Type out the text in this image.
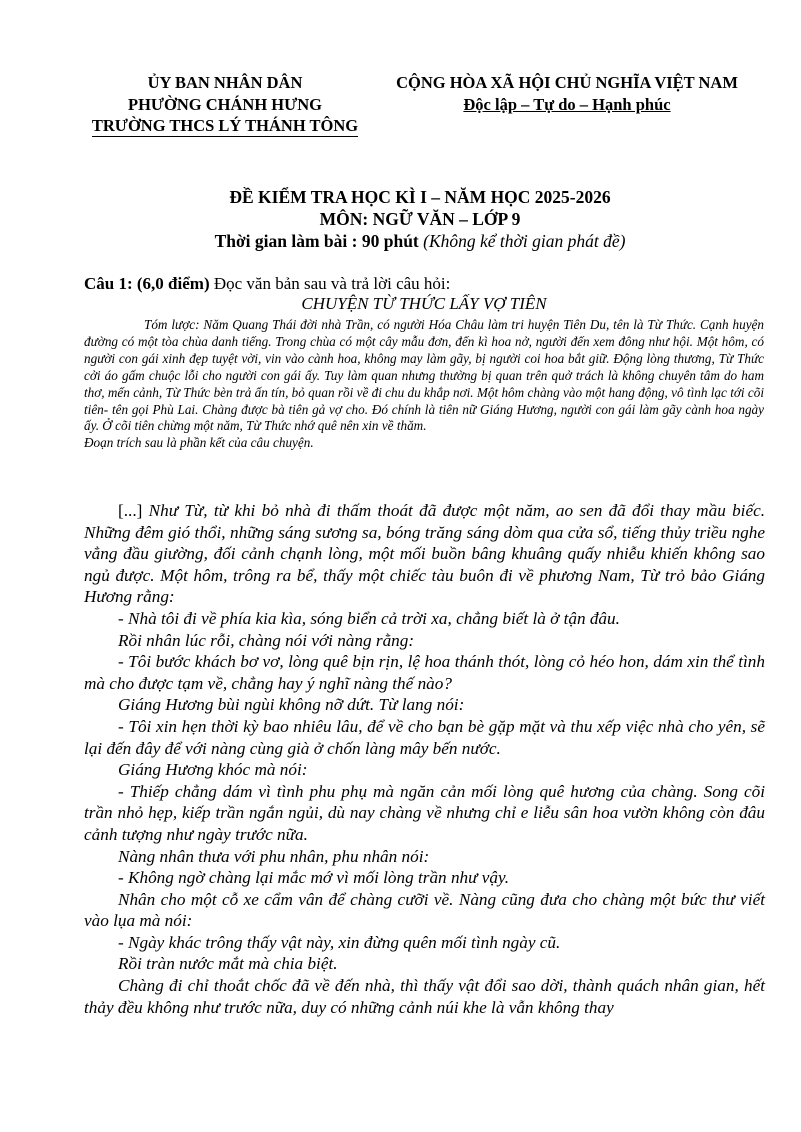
ỦY BAN NHÂN DÂN
PHƯỜNG CHÁNH HƯNG
TRƯỜNG THCS LÝ THÁNH TÔNG
CỘNG HÒA XÃ HỘI CHỦ NGHĨA VIỆT NAM
Độc lập – Tự do – Hạnh phúc
ĐỀ KIỂM TRA HỌC KÌ I – NĂM HỌC 2025-2026
MÔN: NGỮ VĂN – LỚP 9
Thời gian làm bài : 90 phút (Không kể thời gian phát đề)
Câu 1: (6,0 điểm) Đọc văn bản sau và trả lời câu hỏi:
CHUYỆN TỪ THỨC LẤY VỢ TIÊN

Tóm lược: Năm Quang Thái đời nhà Trần, có người Hóa Châu làm tri huyện Tiên Du, tên là Từ Thức. Cạnh huyện đường có một tòa chùa danh tiếng. Trong chùa có một cây mẫu đơn, đến kì hoa nở, người đến xem đông như hội. Một hôm, có người con gái xinh đẹp tuyệt vời, vin vào cành hoa, không may làm gãy, bị người coi hoa bắt giữ. Động lòng thương, Từ Thức cởi áo gấm chuộc lỗi cho người con gái ấy. Tuy làm quan nhưng thường bị quan trên quở trách là không chuyên tâm do ham thơ, mến cảnh, Từ Thức bèn trả ấn tín, bỏ quan rồi về đi chu du khắp nơi. Một hôm chàng vào một hang động, vô tình lạc tới cõi tiên- tên gọi Phù Lai. Chàng được bà tiên gả vợ cho. Đó chính là tiên nữ Giáng Hương, người con gái làm gãy cành hoa ngày ấy. Ở cõi tiên chừng một năm, Từ Thức nhớ quê nên xin về thăm.

Đoạn trích sau là phần kết của câu chuyện.

[...] Như Từ, từ khi bỏ nhà đi thấm thoát đã được một năm, ao sen đã đổi thay mầu biếc. Những đêm gió thổi, những sáng sương sa, bóng trăng sáng dòm qua cửa sổ, tiếng thủy triều nghe vẳng đầu giường, đối cảnh chạnh lòng, một mối buồn bâng khuâng quấy nhiễu khiến không sao ngủ được. Một hôm, trông ra bể, thấy một chiếc tàu buôn đi về phương Nam, Từ trỏ bảo Giáng Hương rằng:

- Nhà tôi đi về phía kia kìa, sóng biển cả trời xa, chẳng biết là ở tận đâu.

Rồi nhân lúc rỗi, chàng nói với nàng rằng:

- Tôi bước khách bơ vơ, lòng quê bịn rịn, lệ hoa thánh thót, lòng cỏ héo hon, dám xin thể tình mà cho được tạm về, chẳng hay ý nghĩ nàng thế nào?

Giáng Hương bùi ngùi không nỡ dứt. Từ lang nói:

- Tôi xin hẹn thời kỳ bao nhiêu lâu, để về cho bạn bè gặp mặt và thu xếp việc nhà cho yên, sẽ lại đến đây để với nàng cùng già ở chốn làng mây bến nước.

Giáng Hương khóc mà nói:

- Thiếp chẳng dám vì tình phu phụ mà ngăn cản mối lòng quê hương của chàng. Song cõi trần nhỏ hẹp, kiếp trần ngắn ngủi, dù nay chàng về nhưng chỉ e liễu sân hoa vườn không còn đâu cảnh tượng như ngày trước nữa.

Nàng nhân thưa với phu nhân, phu nhân nói:

- Không ngờ chàng lại mắc mớ vì mối lòng trần như vậy.

Nhân cho một cỗ xe cẩm vân để chàng cưỡi về. Nàng cũng đưa cho chàng một bức thư viết vào lụa mà nói:

- Ngày khác trông thấy vật này, xin đừng quên mối tình ngày cũ.

Rồi tràn nước mắt mà chia biệt.

Chàng đi chỉ thoắt chốc đã về đến nhà, thì thấy vật đổi sao dời, thành quách nhân gian, hết thảy đều không như trước nữa, duy có những cảnh núi khe là vẫn không thay
